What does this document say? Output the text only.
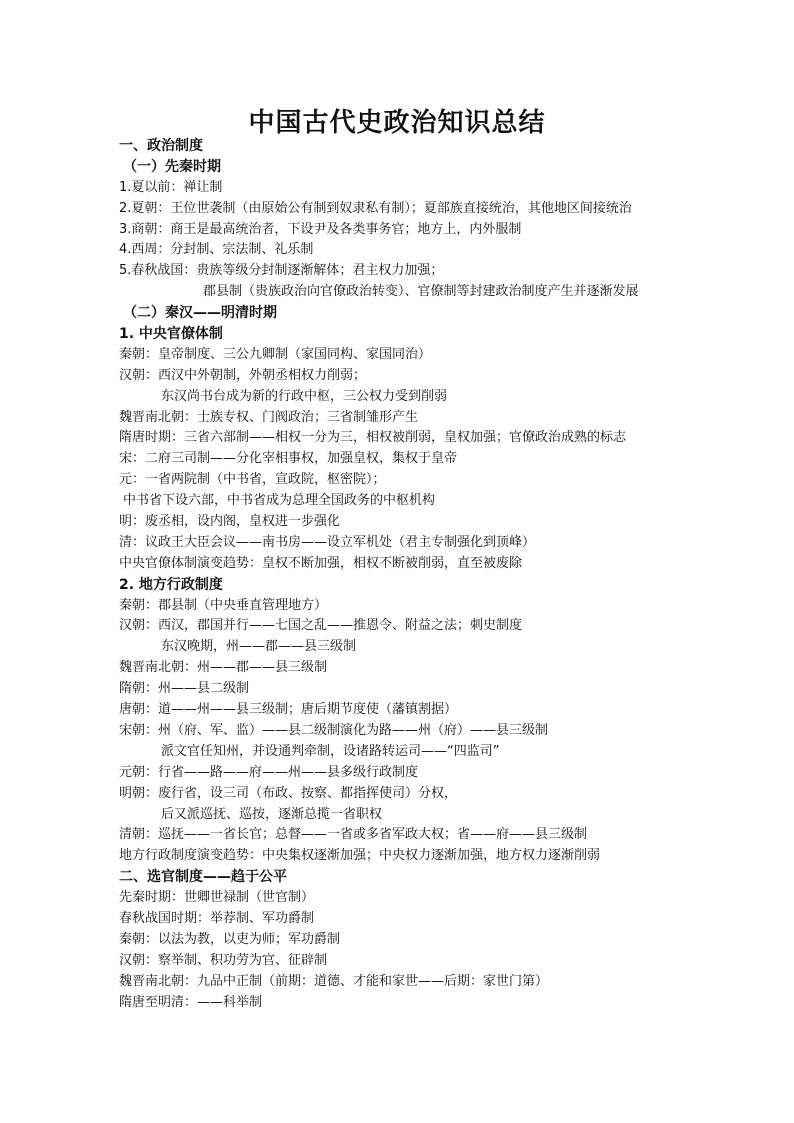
中国古代史政治知识总结
一、政治制度
（一）先秦时期
1.夏以前：禅让制
2.夏朝：王位世袭制（由原始公有制到奴隶私有制）；夏部族直接统治，其他地区间接统治
3.商朝：商王是最高统治者，下设尹及各类事务官；地方上，内外服制
4.西周：分封制、宗法制、礼乐制
5.春秋战国：贵族等级分封制逐渐解体；君主权力加强；
郡县制（贵族政治向官僚政治转变）、官僚制等封建政治制度产生并逐渐发展
（二）秦汉——明清时期
1. 中央官僚体制
秦朝：皇帝制度、三公九卿制（家国同构、家国同治）
汉朝：西汉中外朝制，外朝丞相权力削弱；
东汉尚书台成为新的行政中枢，三公权力受到削弱
魏晋南北朝：士族专权、门阀政治；三省制雏形产生
隋唐时期：三省六部制——相权一分为三，相权被削弱，皇权加强；官僚政治成熟的标志
宋：二府三司制——分化宰相事权，加强皇权，集权于皇帝
元：一省两院制（中书省，宣政院，枢密院）；
中书省下设六部，中书省成为总理全国政务的中枢机构
明：废丞相，设内阁，皇权进一步强化
清：议政王大臣会议——南书房——设立军机处（君主专制强化到顶峰）
中央官僚体制演变趋势：皇权不断加强，相权不断被削弱，直至被废除
2. 地方行政制度
秦朝：郡县制（中央垂直管理地方）
汉朝：西汉，郡国并行——七国之乱——推恩令、附益之法；刺史制度
东汉晚期，州——郡——县三级制
魏晋南北朝：州——郡——县三级制
隋朝：州——县二级制
唐朝：道——州——县三级制；唐后期节度使（藩镇割据）
宋朝：州（府、军、监）——县二级制演化为路——州（府）——县三级制
派文官任知州，并设通判牵制，设诸路转运司——“四监司”
元朝：行省——路——府——州——县多级行政制度
明朝：废行省，设三司（布政、按察、都指挥使司）分权，
后又派巡抚、巡按，逐渐总揽一省职权
清朝：巡抚——一省长官；总督——一省或多省军政大权；省——府——县三级制
地方行政制度演变趋势：中央集权逐渐加强；中央权力逐渐加强，地方权力逐渐削弱
二、选官制度——趋于公平
先秦时期：世卿世禄制（世官制）
春秋战国时期：举荐制、军功爵制
秦朝：以法为教，以吏为师；军功爵制
汉朝：察举制、积功劳为官、征辟制
魏晋南北朝：九品中正制（前期：道德、才能和家世——后期：家世门第）
隋唐至明清：——科举制
